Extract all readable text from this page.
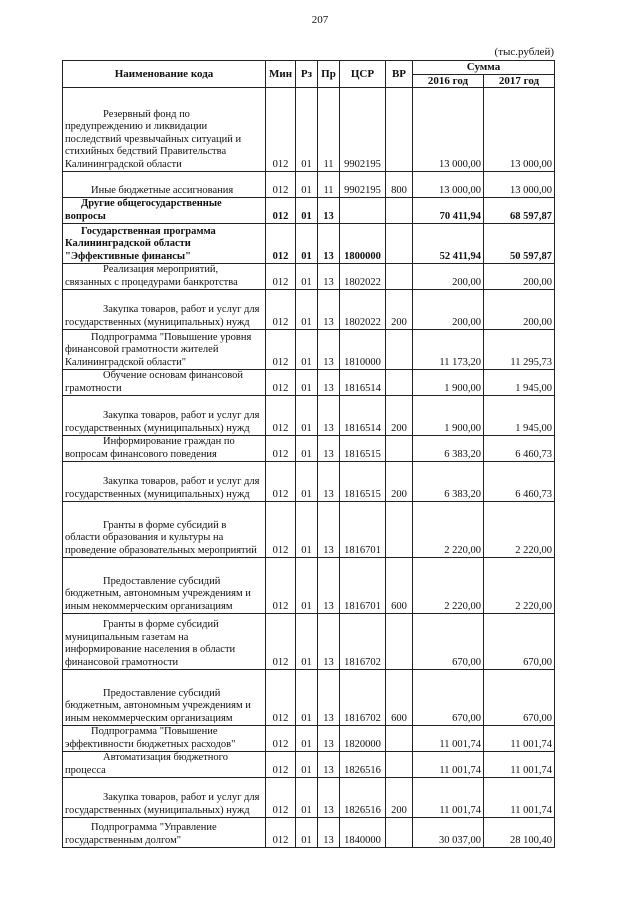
207
(тыс.рублей)
Наименование кода	Мин	Рз	Пр	ЦСР	ВР	Сумма	
						2016 год	2017 год
Резервный фонд по предупреждению и ликвидации последствий чрезвычайных ситуаций и стихийных бедствий Правительства Калининградской области	012	01	11	9902195		13 000,00	13 000,00
Иные бюджетные ассигнования	012	01	11	9902195	800	13 000,00	13 000,00
Другие общегосударственные вопросы	012	01	13			70 411,94	68 597,87
Государственная программа Калининградской области "Эффективные финансы"	012	01	13	1800000		52 411,94	50 597,87
Реализация мероприятий, связанных с процедурами банкротства	012	01	13	1802022		200,00	200,00
Закупка товаров, работ и услуг для государственных (муниципальных) нужд	012	01	13	1802022	200	200,00	200,00
Подпрограмма "Повышение уровня финансовой грамотности жителей Калининградской области"	012	01	13	1810000		11 173,20	11 295,73
Обучение основам финансовой грамотности	012	01	13	1816514		1 900,00	1 945,00
Закупка товаров, работ и услуг для государственных (муниципальных) нужд	012	01	13	1816514	200	1 900,00	1 945,00
Информирование граждан по вопросам финансового поведения	012	01	13	1816515		6 383,20	6 460,73
Закупка товаров, работ и услуг для государственных (муниципальных) нужд	012	01	13	1816515	200	6 383,20	6 460,73
Гранты в форме субсидий в области образования и культуры на проведение образовательных мероприятий	012	01	13	1816701		2 220,00	2 220,00
Предоставление субсидий бюджетным, автономным учреждениям и иным некоммерческим организациям	012	01	13	1816701	600	2 220,00	2 220,00
Гранты в форме субсидий муниципальным газетам на информирование населения в области финансовой грамотности	012	01	13	1816702		670,00	670,00
Предоставление субсидий бюджетным, автономным учреждениям и иным некоммерческим организациям	012	01	13	1816702	600	670,00	670,00
Подпрограмма "Повышение эффективности бюджетных расходов"	012	01	13	1820000		11 001,74	11 001,74
Автоматизация бюджетного процесса	012	01	13	1826516		11 001,74	11 001,74
Закупка товаров, работ и услуг для государственных (муниципальных) нужд	012	01	13	1826516	200	11 001,74	11 001,74
Подпрограмма "Управление государственным долгом"	012	01	13	1840000		30 037,00	28 100,40
